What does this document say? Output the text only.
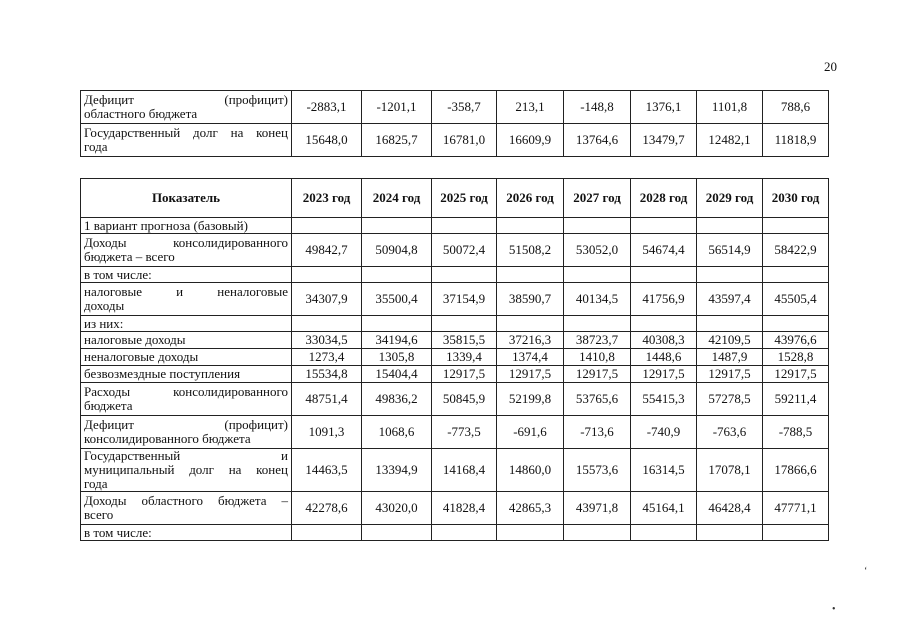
20
Дефицит (профицит)
областного бюджета	-2883,1	-1201,1	-358,7	213,1	-148,8	1376,1	1101,8	788,6

Государственный долг на конец
года	15648,0	16825,7	16781,0	16609,9	13764,6	13479,7	12482,1	11818,9
Показатель	2023 год	2024 год	2025 год	2026 год	2027 год	2028 год	2029 год	2030 год

1 вариант прогноза (базовый)								

Доходы консолидированного
бюджета – всего	49842,7	50904,8	50072,4	51508,2	53052,0	54674,4	56514,9	58422,9

в том числе:								

налоговые и неналоговые
доходы	34307,9	35500,4	37154,9	38590,7	40134,5	41756,9	43597,4	45505,4

из них:								

налоговые доходы	33034,5	34194,6	35815,5	37216,3	38723,7	40308,3	42109,5	43976,6

неналоговые доходы	1273,4	1305,8	1339,4	1374,4	1410,8	1448,6	1487,9	1528,8

безвозмездные поступления	15534,8	15404,4	12917,5	12917,5	12917,5	12917,5	12917,5	12917,5

Расходы консолидированного
бюджета	48751,4	49836,2	50845,9	52199,8	53765,6	55415,3	57278,5	59211,4

Дефицит (профицит)
консолидированного бюджета	1091,3	1068,6	-773,5	-691,6	-713,6	-740,9	-763,6	-788,5

Государственный и
муниципальный долг на конец
года	14463,5	13394,9	14168,4	14860,0	15573,6	16314,5	17078,1	17866,6

Доходы областного бюджета –
всего	42278,6	43020,0	41828,4	42865,3	43971,8	45164,1	46428,4	47771,1

в том числе:								

•
‘
